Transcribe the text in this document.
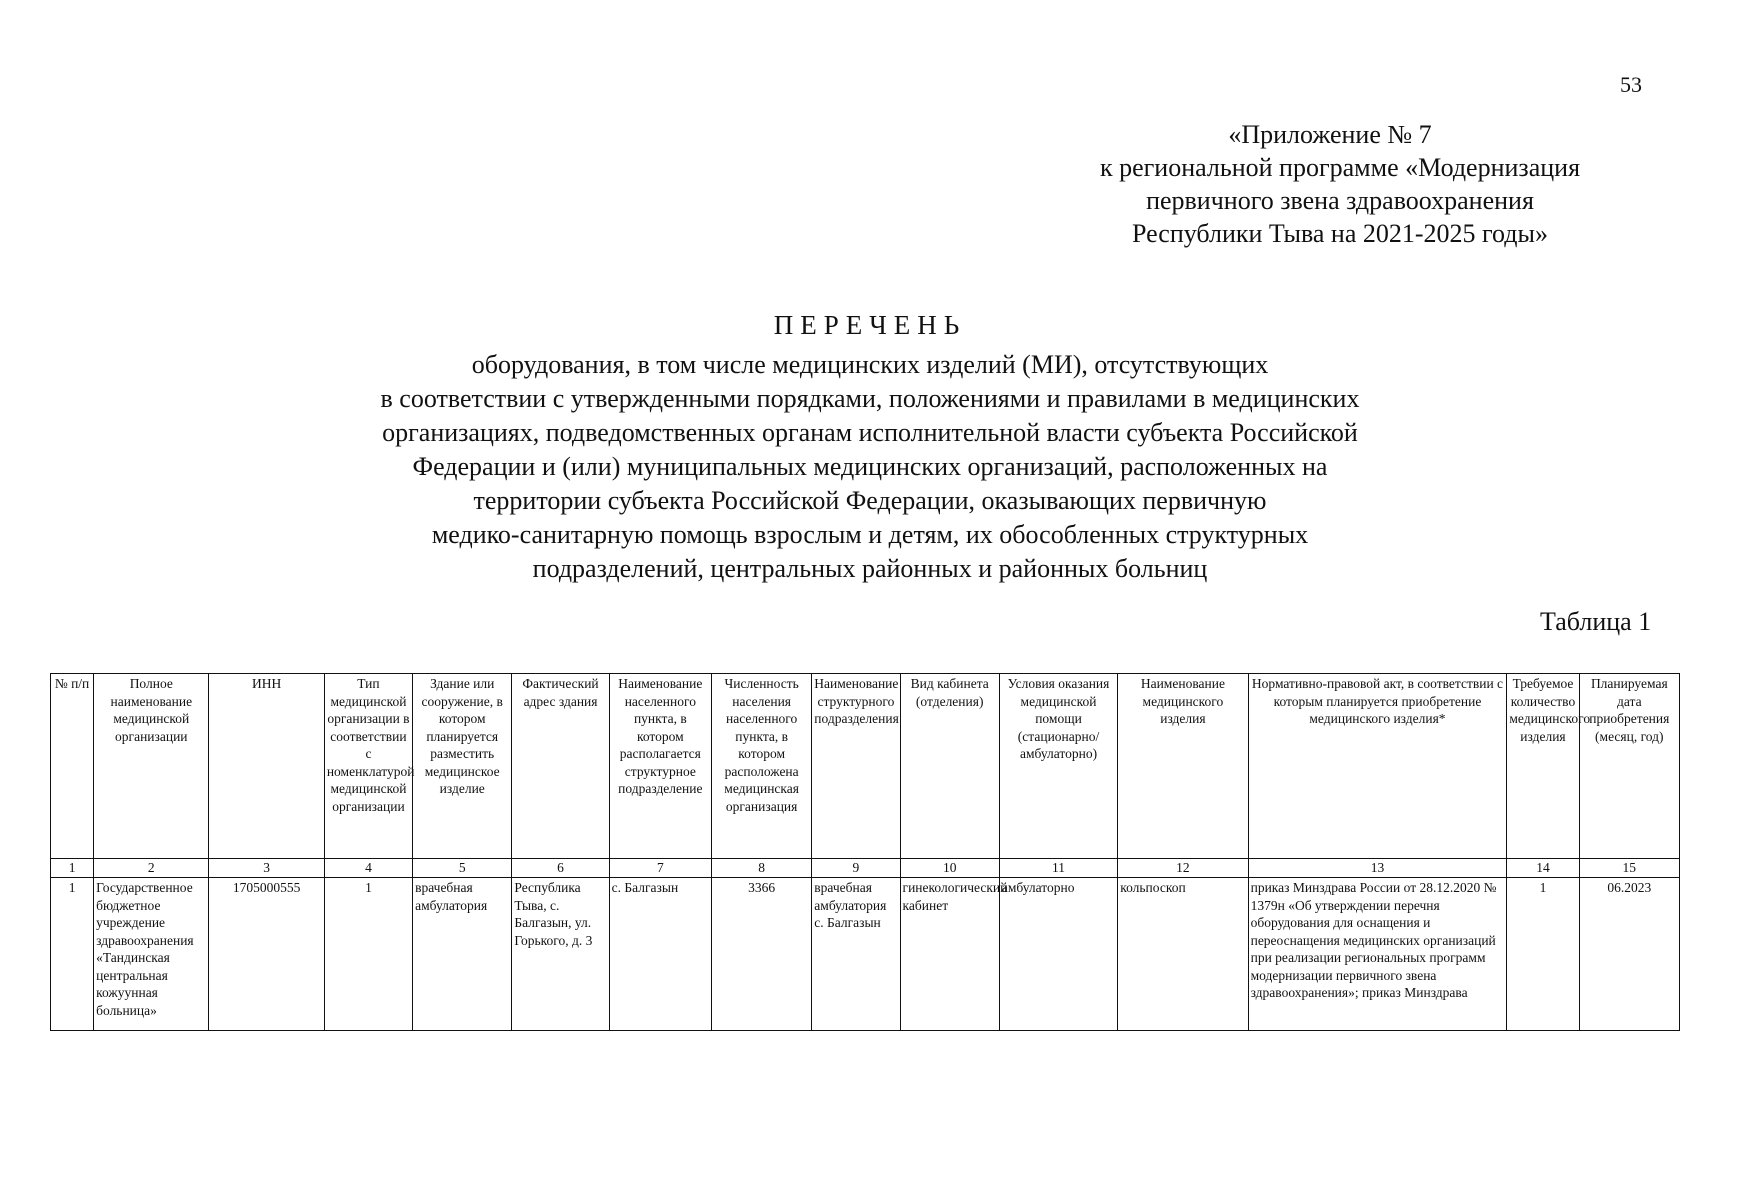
53
«Приложение № 7
к региональной программе «Модернизация
первичного звена здравоохранения
Республики Тыва на 2021-2025 годы»
ПЕРЕЧЕНЬ
оборудования, в том числе медицинских изделий (МИ), отсутствующих
в соответствии с утвержденными порядками, положениями и правилами в медицинских
организациях, подведомственных органам исполнительной власти субъекта Российской
Федерации и (или) муниципальных медицинских организаций, расположенных на
территории субъекта Российской Федерации, оказывающих первичную
медико-санитарную помощь взрослым и детям, их обособленных структурных
подразделений, центральных районных и районных больниц
Таблица 1
№ п/п	Полное наименование медицинской организации	ИНН	Тип медицинской организации в соответствии с номенклатурой медицинской организации	Здание или сооружение, в котором планируется разместить медицинское изделие	Фактический адрес здания	Наименование населенного пункта, в котором располагается структурное подразделение	Численность населения населенного пункта, в котором расположена медицинская организация	Наименование структурного подразделения	Вид кабинета (отделения)	Условия оказания медицинской помощи (стационарно/ амбулаторно)	Наименование медицинского изделия	Нормативно-правовой акт, в соответствии с которым планируется приобретение медицинского изделия*	Требуемое количество медицинского изделия	Планируемая дата приобретения (месяц, год)
1	2	3	4	5	6	7	8	9	10	11	12	13	14	15
1	Государственное бюджетное учреждение здравоохранения «Тандинская центральная кожуунная больница»	1705000555	1	врачебная амбулатория	Республика Тыва, с. Балгазын, ул. Горького, д. 3	с. Балгазын	3366	врачебная амбулатория с. Балгазын	гинекологический кабинет	амбулаторно	кольпоскоп	приказ Минздрава России от 28.12.2020 № 1379н «Об утверждении перечня оборудования для оснащения и переоснащения медицинских организаций при реализации региональных программ модернизации первичного звена здравоохранения»; приказ Минздрава	1	06.2023
